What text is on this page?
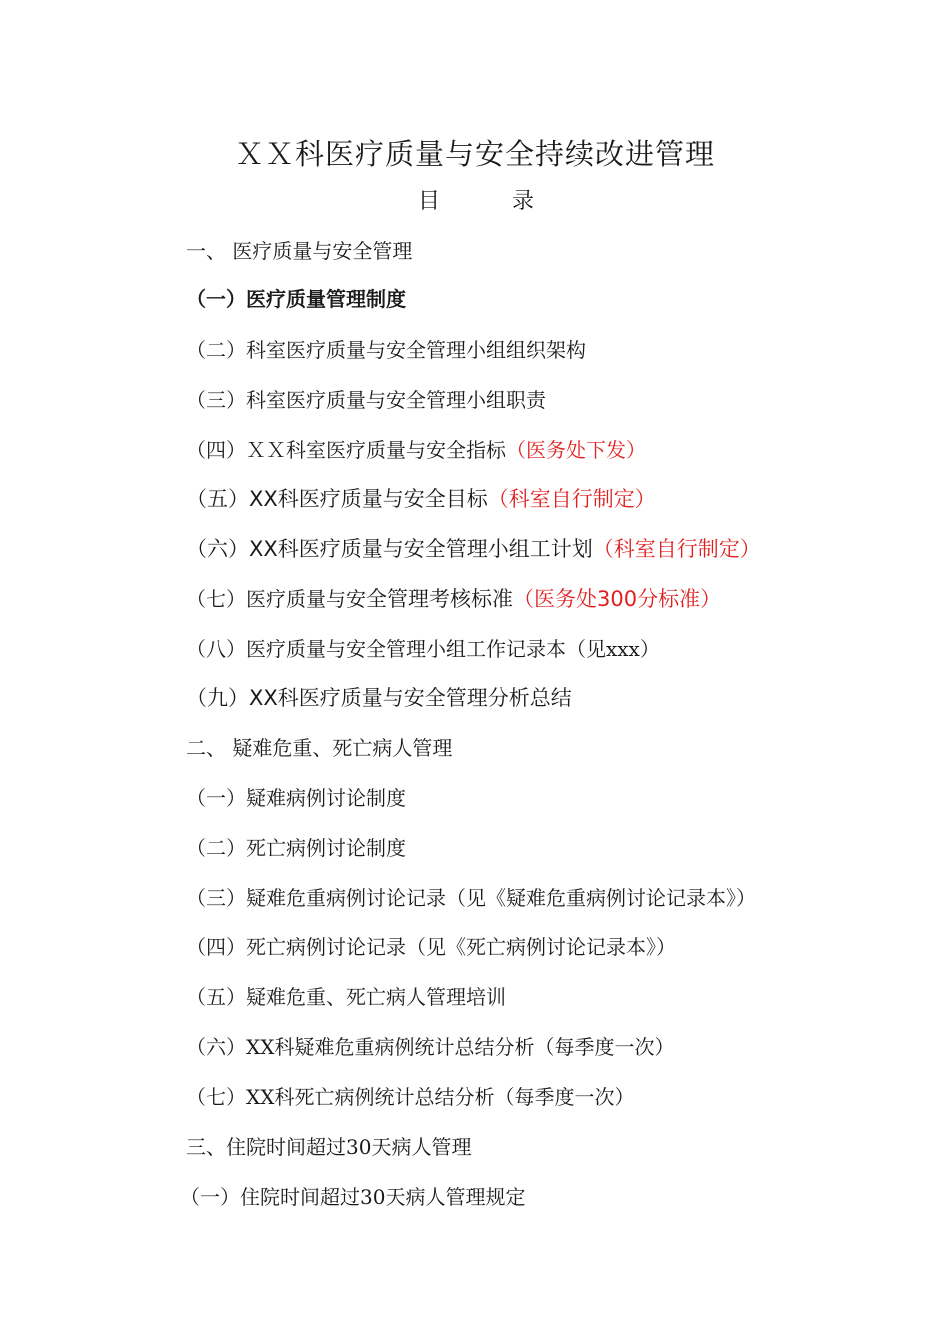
ＸＸ科医疗质量与安全持续改进管理
目	录
一、 医疗质量与安全管理
（一）医疗质量管理制度
（二）科室医疗质量与安全管理小组组织架构
（三）科室医疗质量与安全管理小组职责
（四）ＸＸ科室医疗质量与安全指标（医务处下发）
（五）XX科医疗质量与安全目标（科室自行制定）
（六）XX科医疗质量与安全管理小组工计划（科室自行制定）
（七）医疗质量与安全管理考核标准（医务处300分标准）
（八）医疗质量与安全管理小组工作记录本（见xxx）
（九）XX科医疗质量与安全管理分析总结
二、 疑难危重、死亡病人管理
（一）疑难病例讨论制度
（二）死亡病例讨论制度
（三）疑难危重病例讨论记录（见《疑难危重病例讨论记录本》）
（四）死亡病例讨论记录（见《死亡病例讨论记录本》）
（五）疑难危重、死亡病人管理培训
（六）XX科疑难危重病例统计总结分析（每季度一次）
（七）XX科死亡病例统计总结分析（每季度一次）
三、住院时间超过30天病人管理
（一）住院时间超过30天病人管理规定
